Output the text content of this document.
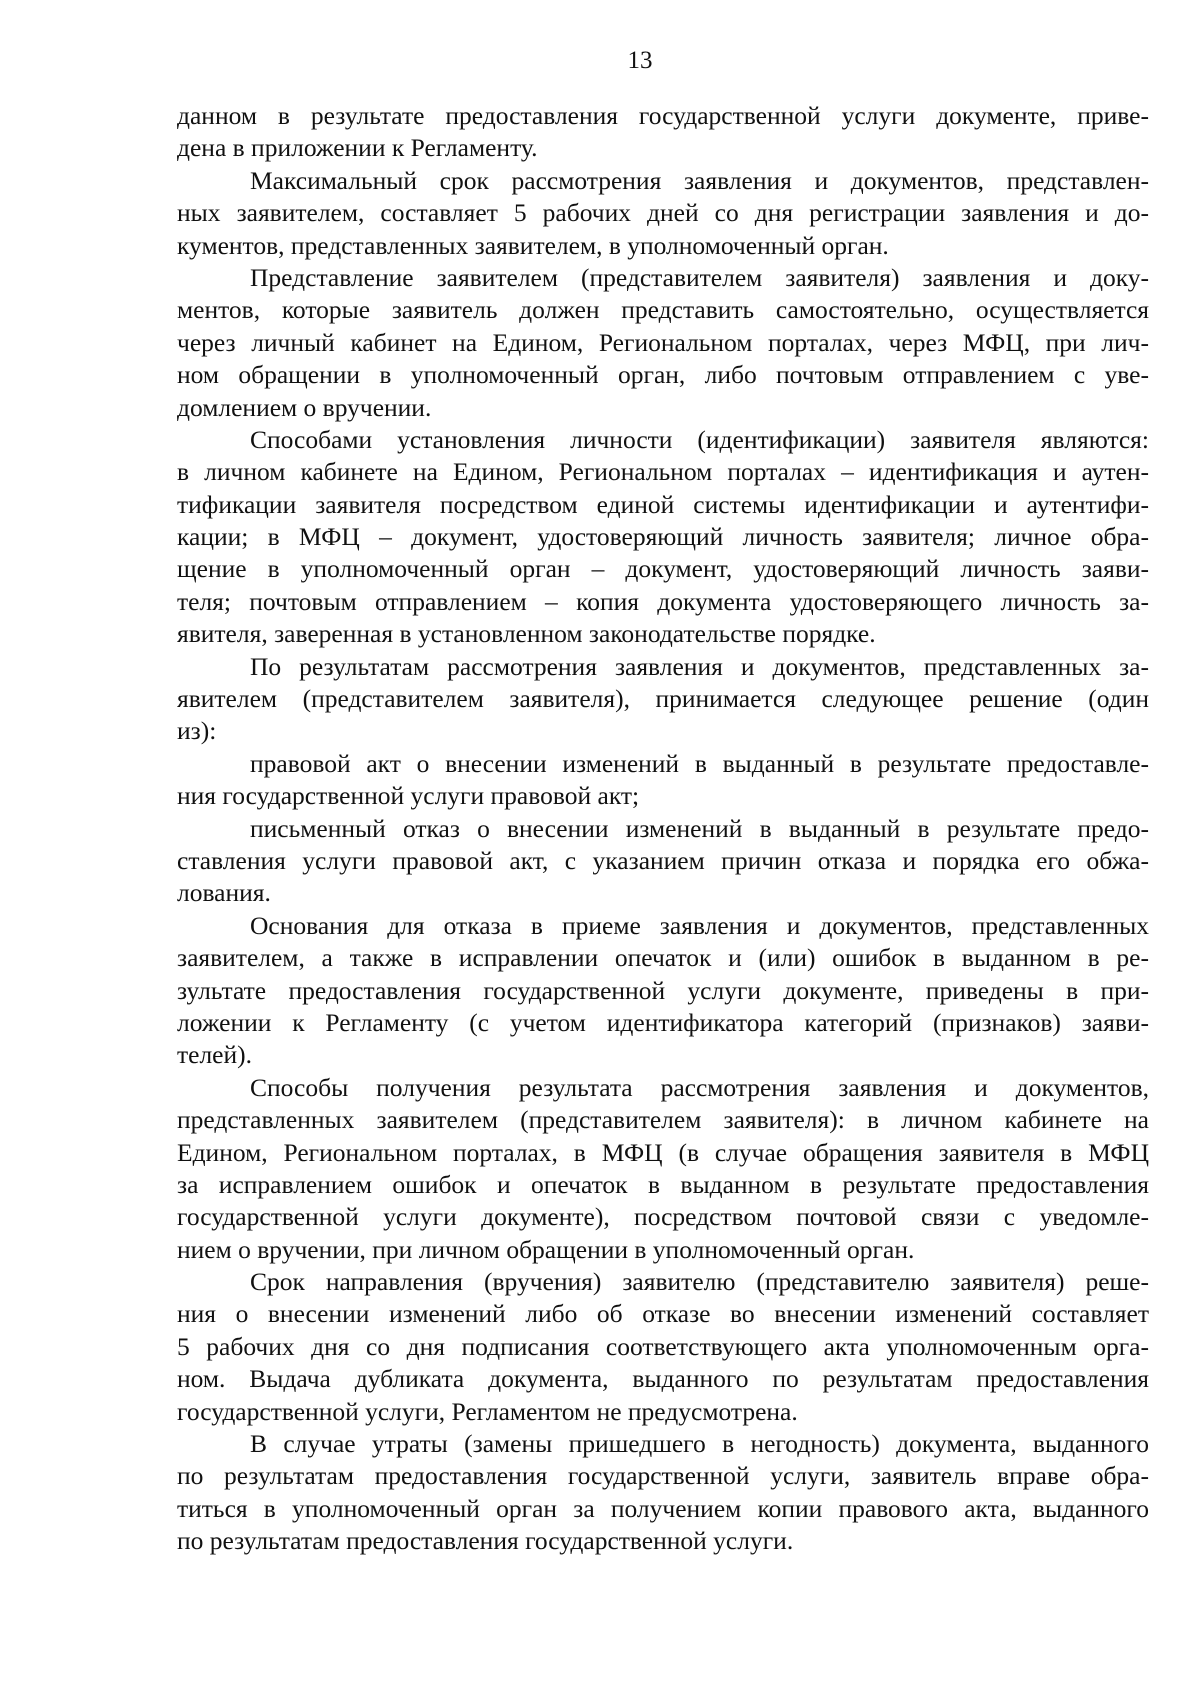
13
данном в результате предоставления государственной услуги документе, приве-
дена в приложении к Регламенту.
Максимальный срок рассмотрения заявления и документов, представлен-
ных заявителем, составляет 5 рабочих дней со дня регистрации заявления и до-
кументов, представленных заявителем, в уполномоченный орган.
Представление заявителем (представителем заявителя) заявления и доку-
ментов, которые заявитель должен представить самостоятельно, осуществляется
через личный кабинет на Едином, Региональном порталах, через МФЦ, при лич-
ном обращении в уполномоченный орган, либо почтовым отправлением с уве-
домлением о вручении.
Способами установления личности (идентификации) заявителя являются:
в личном кабинете на Едином, Региональном порталах – идентификация и аутен-
тификации заявителя посредством единой системы идентификации и аутентифи-
кации; в МФЦ – документ, удостоверяющий личность заявителя; личное обра-
щение в уполномоченный орган – документ, удостоверяющий личность заяви-
теля; почтовым отправлением – копия документа удостоверяющего личность за-
явителя, заверенная в установленном законодательстве порядке.
По результатам рассмотрения заявления и документов, представленных за-
явителем (представителем заявителя), принимается следующее решение (один
из):
правовой акт о внесении изменений в выданный в результате предоставле-
ния государственной услуги правовой акт;
письменный отказ о внесении изменений в выданный в результате предо-
ставления услуги правовой акт, с указанием причин отказа и порядка его обжа-
лования.
Основания для отказа в приеме заявления и документов, представленных
заявителем, а также в исправлении опечаток и (или) ошибок в выданном в ре-
зультате предоставления государственной услуги документе, приведены в при-
ложении к Регламенту (с учетом идентификатора категорий (признаков) заяви-
телей).
Способы получения результата рассмотрения заявления и документов,
представленных заявителем (представителем заявителя): в личном кабинете на
Едином, Региональном порталах, в МФЦ (в случае обращения заявителя в МФЦ
за исправлением ошибок и опечаток в выданном в результате предоставления
государственной услуги документе), посредством почтовой связи с уведомле-
нием о вручении, при личном обращении в уполномоченный орган.
Срок направления (вручения) заявителю (представителю заявителя) реше-
ния о внесении изменений либо об отказе во внесении изменений составляет
5 рабочих дня со дня подписания соответствующего акта уполномоченным орга-
ном. Выдача дубликата документа, выданного по результатам предоставления
государственной услуги, Регламентом не предусмотрена.
В случае утраты (замены пришедшего в негодность) документа, выданного
по результатам предоставления государственной услуги, заявитель вправе обра-
титься в уполномоченный орган за получением копии правового акта, выданного
по результатам предоставления государственной услуги.
